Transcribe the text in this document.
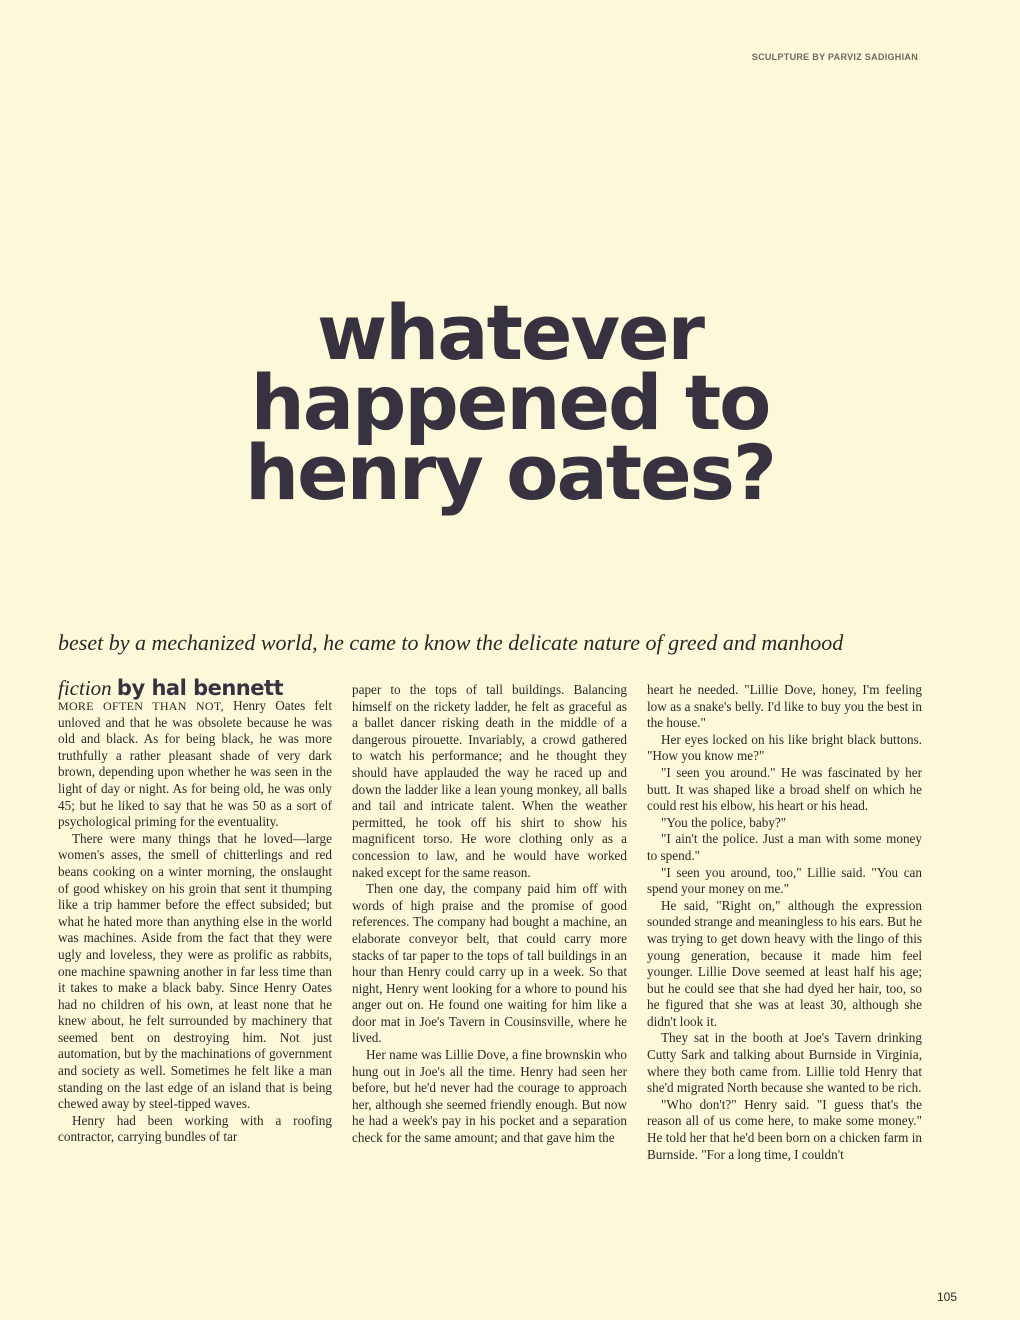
SCULPTURE BY PARVIZ SADIGHIAN
whatever
happened to
henry oates?
beset by a mechanized world, he came to know the delicate nature of greed and manhood
fiction by hal bennett

MORE OFTEN THAN NOT, Henry Oates felt unloved and that he was obsolete because he was old and black. As for being black, he was more truthfully a rather pleasant shade of very dark brown, depending upon whether he was seen in the light of day or night. As for being old, he was only 45; but he liked to say that he was 50 as a sort of psychological priming for the eventuality.

There were many things that he loved—large women's asses, the smell of chitterlings and red beans cooking on a winter morning, the onslaught of good whiskey on his groin that sent it thumping like a trip hammer before the effect subsided; but what he hated more than anything else in the world was machines. Aside from the fact that they were ugly and loveless, they were as prolific as rabbits, one machine spawning another in far less time than it takes to make a black baby. Since Henry Oates had no children of his own, at least none that he knew about, he felt surrounded by machinery that seemed bent on destroying him. Not just automation, but by the machinations of government and society as well. Sometimes he felt like a man standing on the last edge of an island that is being chewed away by steel-tipped waves.

Henry had been working with a roofing contractor, carrying bundles of tar

paper to the tops of tall buildings. Balancing himself on the rickety ladder, he felt as graceful as a ballet dancer risking death in the middle of a dangerous pirouette. Invariably, a crowd gathered to watch his performance; and he thought they should have applauded the way he raced up and down the ladder like a lean young monkey, all balls and tail and intricate talent. When the weather permitted, he took off his shirt to show his magnificent torso. He wore clothing only as a concession to law, and he would have worked naked except for the same reason.

Then one day, the company paid him off with words of high praise and the promise of good references. The company had bought a machine, an elaborate conveyor belt, that could carry more stacks of tar paper to the tops of tall buildings in an hour than Henry could carry up in a week. So that night, Henry went looking for a whore to pound his anger out on. He found one waiting for him like a door mat in Joe's Tavern in Cousinsville, where he lived.

Her name was Lillie Dove, a fine brownskin who hung out in Joe's all the time. Henry had seen her before, but he'd never had the courage to approach her, although she seemed friendly enough. But now he had a week's pay in his pocket and a separation check for the same amount; and that gave him the

heart he needed. "Lillie Dove, honey, I'm feeling low as a snake's belly. I'd like to buy you the best in the house."

Her eyes locked on his like bright black buttons. "How you know me?"

"I seen you around." He was fascinated by her butt. It was shaped like a broad shelf on which he could rest his elbow, his heart or his head.

"You the police, baby?"

"I ain't the police. Just a man with some money to spend."

"I seen you around, too," Lillie said. "You can spend your money on me."

He said, "Right on," although the expression sounded strange and meaningless to his ears. But he was trying to get down heavy with the lingo of this young generation, because it made him feel younger. Lillie Dove seemed at least half his age; but he could see that she had dyed her hair, too, so he figured that she was at least 30, although she didn't look it.

They sat in the booth at Joe's Tavern drinking Cutty Sark and talking about Burnside in Virginia, where they both came from. Lillie told Henry that she'd migrated North because she wanted to be rich.

"Who don't?" Henry said. "I guess that's the reason all of us come here, to make some money." He told her that he'd been born on a chicken farm in Burnside. "For a long time, I couldn't

105
